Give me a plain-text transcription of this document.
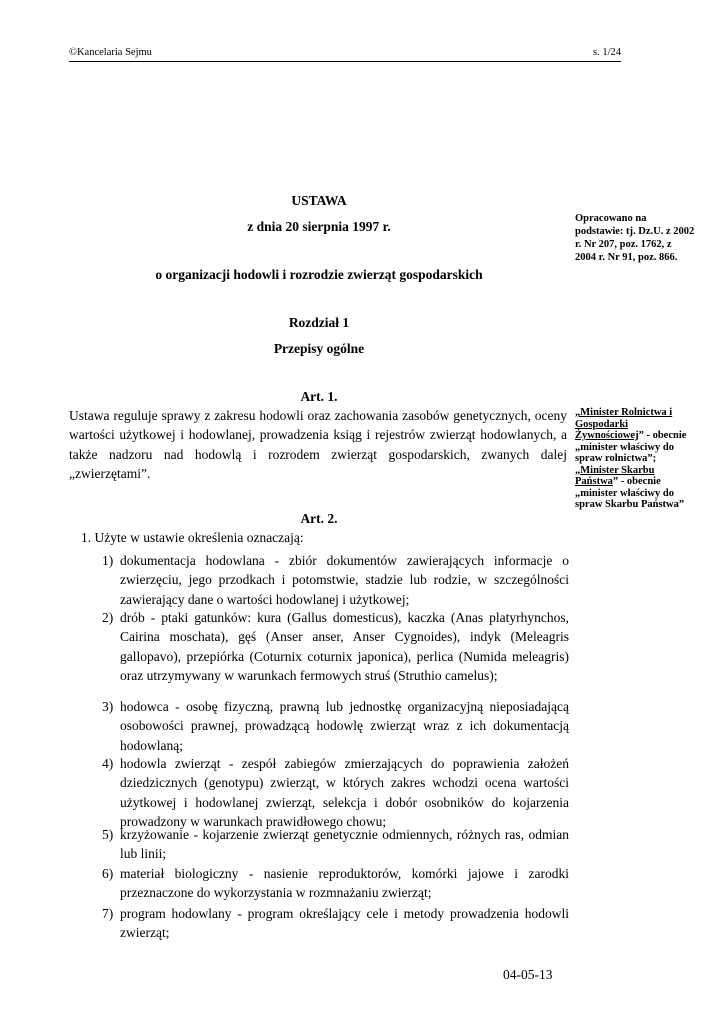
©Kancelaria Sejmu	s. 1/24
USTAWA
z dnia 20 sierpnia 1997 r.
o organizacji hodowli i rozrodzie zwierząt gospodarskich
Rozdział 1
Przepisy ogólne
Opracowano na podstawie: tj. Dz.U. z 2002 r. Nr 207, poz. 1762, z 2004 r. Nr 91, poz. 866.
„Minister Rolnictwa i Gospodarki Żywnościowej” - obecnie „minister właściwy do spraw rolnictwa”; „Minister Skarbu Państwa” - obecnie „minister właściwy do spraw Skarbu Państwa”
Art. 1.

Ustawa reguluje sprawy z zakresu hodowli oraz zachowania zasobów genetycznych, oceny wartości użytkowej i hodowlanej, prowadzenia ksiąg i rejestrów zwierząt hodowlanych, a także nadzoru nad hodowlą i rozrodem zwierząt gospodarskich, zwanych dalej „zwierzętami”.

Art. 2.

1. Użyte w ustawie określenia oznaczają:

1) dokumentacja hodowlana - zbiór dokumentów zawierających informacje o zwierzęciu, jego przodkach i potomstwie, stadzie lub rodzie, w szczególności zawierający dane o wartości hodowlanej i użytkowej;
2) drób - ptaki gatunków: kura (Gallus domesticus), kaczka (Anas platyrhynchos, Cairina moschata), gęś (Anser anser, Anser Cygnoides), indyk (Meleagris gallopavo), przepiórka (Coturnix coturnix japonica), perlica (Numida meleagris) oraz utrzymywany w warunkach fermowych struś (Struthio camelus);
3) hodowca - osobę fizyczną, prawną lub jednostkę organizacyjną nieposiadającą osobowości prawnej, prowadzącą hodowlę zwierząt wraz z ich dokumentacją hodowlaną;
4) hodowla zwierząt - zespół zabiegów zmierzających do poprawienia założeń dziedzicznych (genotypu) zwierząt, w których zakres wchodzi ocena wartości użytkowej i hodowlanej zwierząt, selekcja i dobór osobników do kojarzenia prowadzony w warunkach prawidłowego chowu;
5) krzyżowanie - kojarzenie zwierząt genetycznie odmiennych, różnych ras, odmian lub linii;
6) materiał biologiczny - nasienie reproduktorów, komórki jajowe i zarodki przeznaczone do wykorzystania w rozmnażaniu zwierząt;
7) program hodowlany - program określający cele i metody prowadzenia hodowli zwierząt;
04-05-13
